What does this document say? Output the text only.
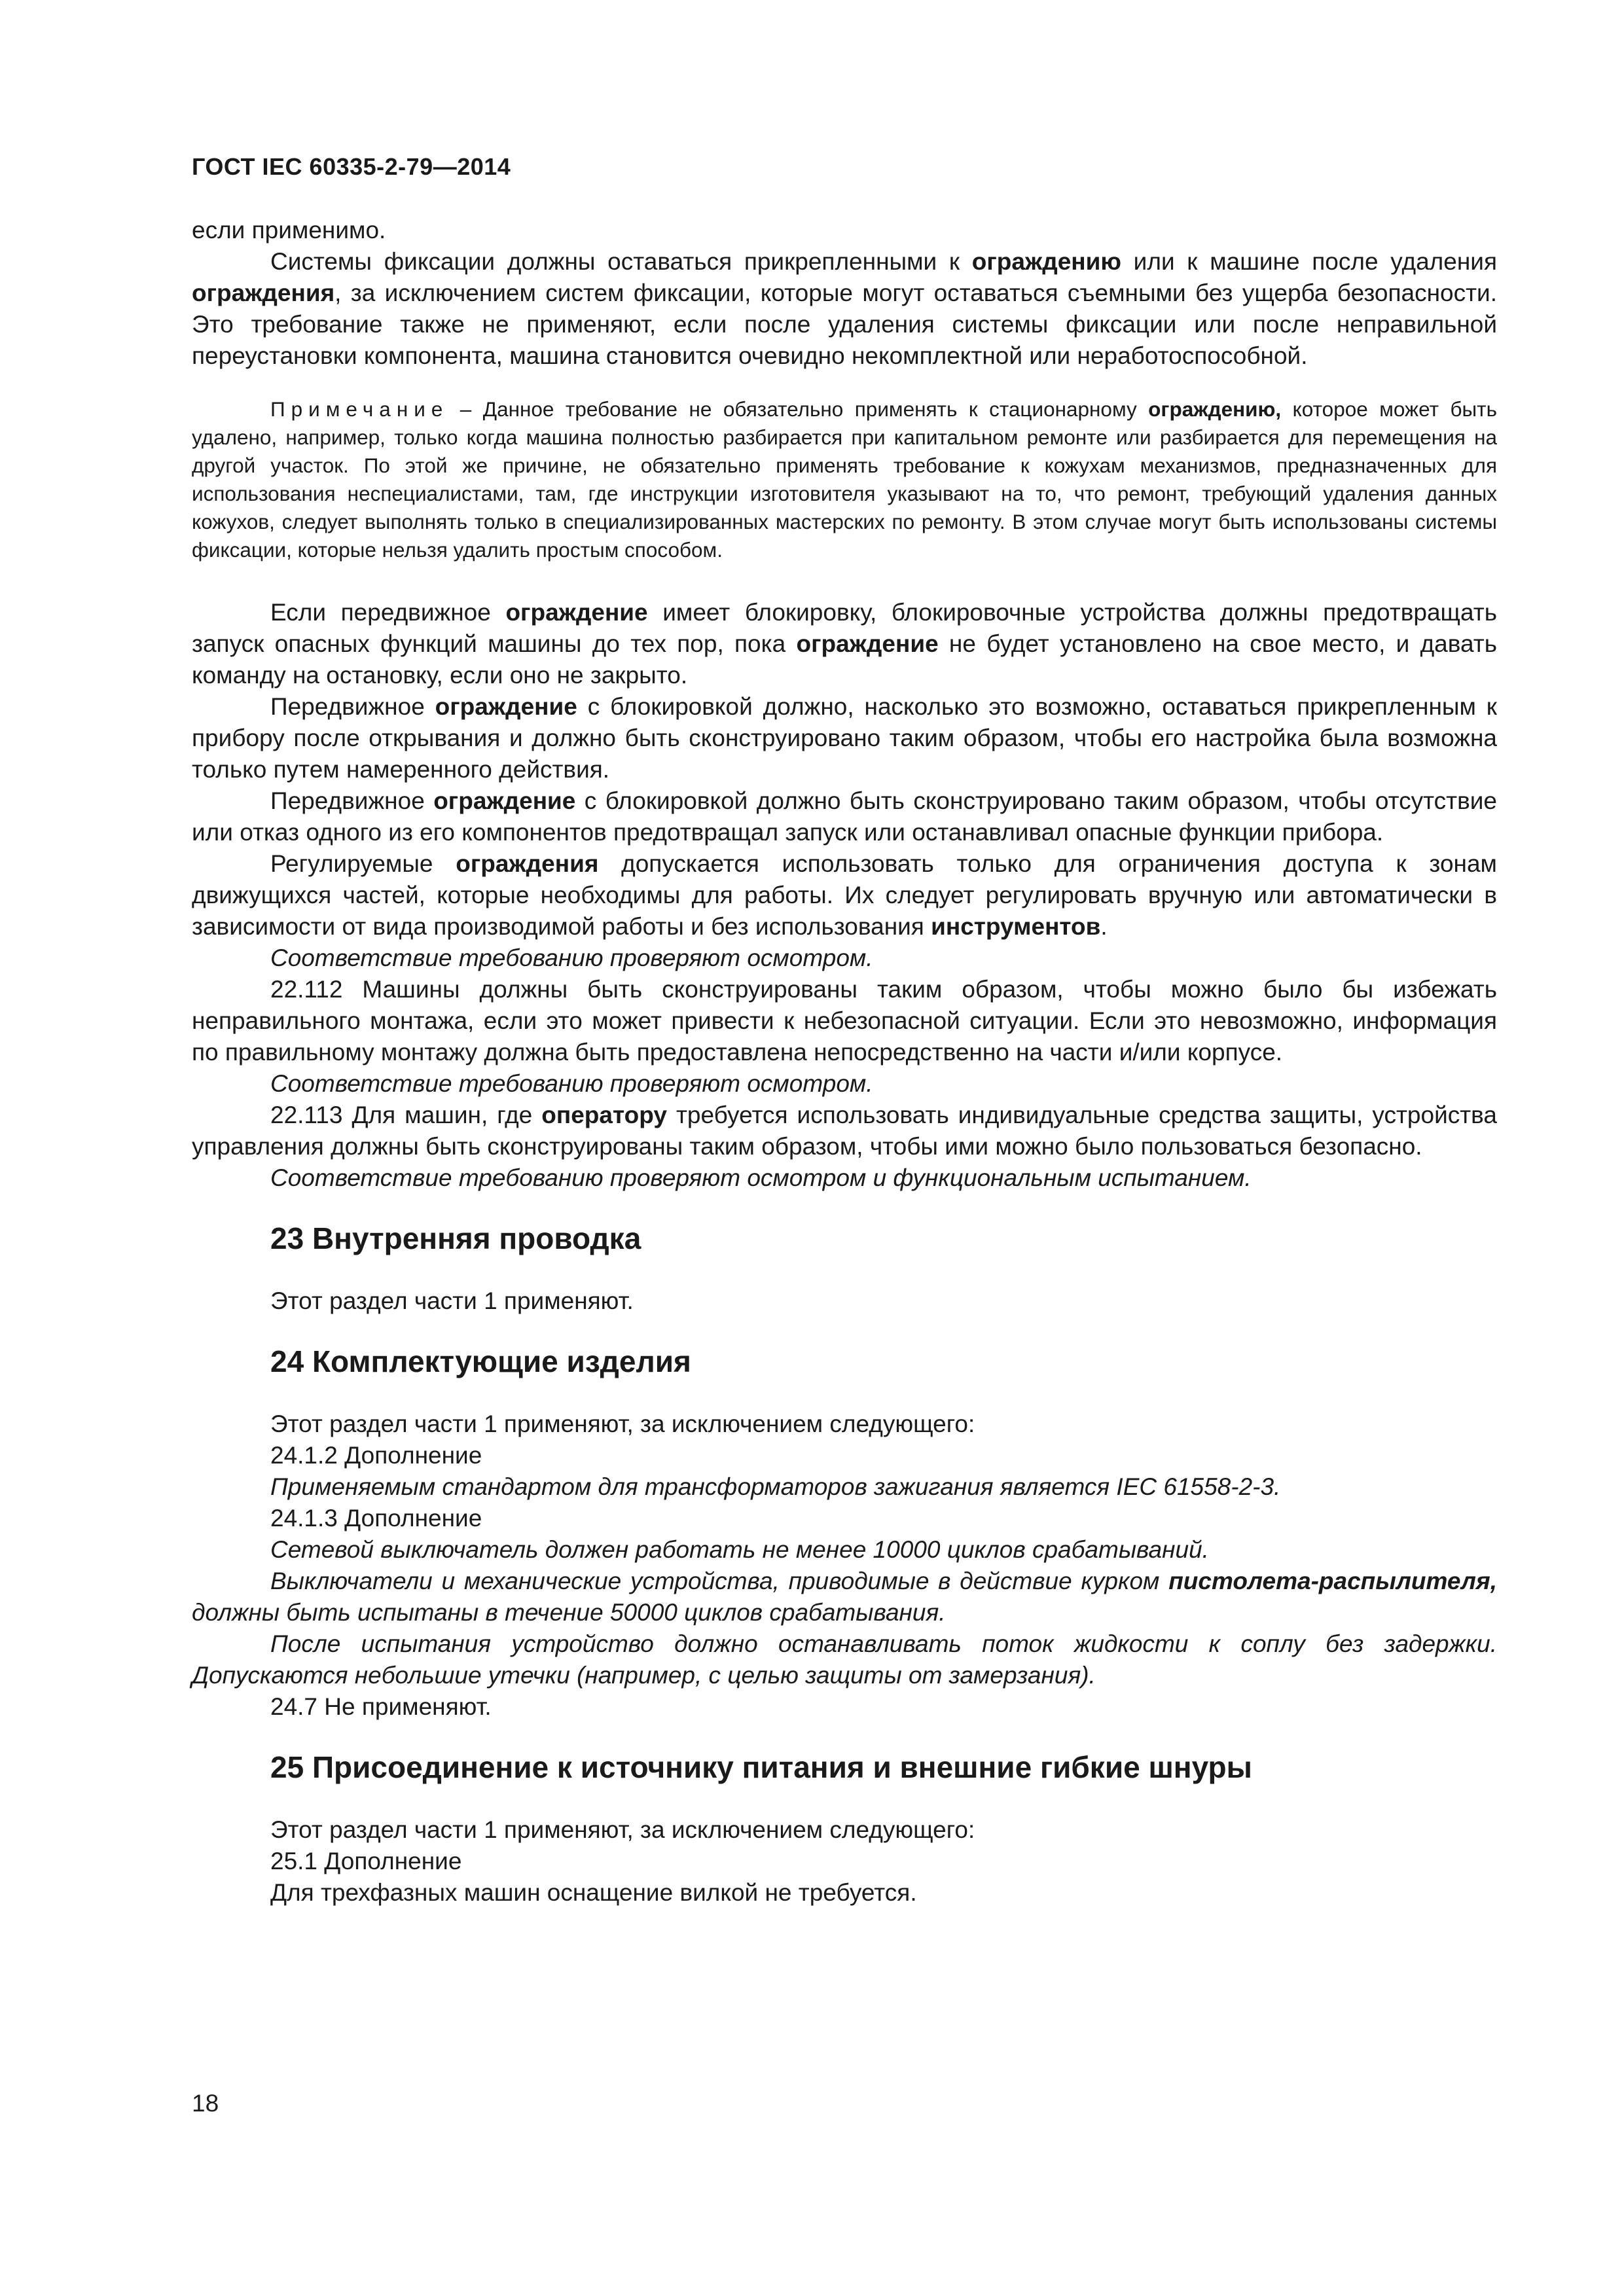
ГОСТ IEC 60335-2-79—2014

если применимо.

Системы фиксации должны оставаться прикрепленными к ограждению или к машине после удаления ограждения, за исключением систем фиксации, которые могут оставаться съемными без ущерба безопасности. Это требование также не применяют, если после удаления системы фиксации или после неправильной переустановки компонента, машина становится очевидно некомплектной или неработоспособной.

Примечание – Данное требование не обязательно применять к стационарному ограждению, которое может быть удалено, например, только когда машина полностью разбирается при капитальном ремонте или разбирается для перемещения на другой участок. По этой же причине, не обязательно применять требование к кожухам механизмов, предназначенных для использования неспециалистами, там, где инструкции изготовителя указывают на то, что ремонт, требующий удаления данных кожухов, следует выполнять только в специализированных мастерских по ремонту. В этом случае могут быть использованы системы фиксации, которые нельзя удалить простым способом.

Если передвижное ограждение имеет блокировку, блокировочные устройства должны предотвращать запуск опасных функций машины до тех пор, пока ограждение не будет установлено на свое место, и давать команду на остановку, если оно не закрыто.

Передвижное ограждение с блокировкой должно, насколько это возможно, оставаться прикрепленным к прибору после открывания и должно быть сконструировано таким образом, чтобы его настройка была возможна только путем намеренного действия.

Передвижное ограждение с блокировкой должно быть сконструировано таким образом, чтобы отсутствие или отказ одного из его компонентов предотвращал запуск или останавливал опасные функции прибора.

Регулируемые ограждения допускается использовать только для ограничения доступа к зонам движущихся частей, которые необходимы для работы. Их следует регулировать вручную или автоматически в зависимости от вида производимой работы и без использования инструментов.

Соответствие требованию проверяют осмотром.

22.112 Машины должны быть сконструированы таким образом, чтобы можно было бы избежать неправильного монтажа, если это может привести к небезопасной ситуации. Если это невозможно, информация по правильному монтажу должна быть предоставлена непосредственно на части и/или корпусе.

Соответствие требованию проверяют осмотром.

22.113 Для машин, где оператору требуется использовать индивидуальные средства защиты, устройства управления должны быть сконструированы таким образом, чтобы ими можно было пользоваться безопасно.

Соответствие требованию проверяют осмотром и функциональным испытанием.

23 Внутренняя проводка

Этот раздел части 1 применяют.

24 Комплектующие изделия

Этот раздел части 1 применяют, за исключением следующего:

24.1.2 Дополнение

Применяемым стандартом для трансформаторов зажигания является IEC 61558-2-3.

24.1.3 Дополнение

Сетевой выключатель должен работать не менее 10000 циклов срабатываний.

Выключатели и механические устройства, приводимые в действие курком пистолета-распылителя, должны быть испытаны в течение 50000 циклов срабатывания.

После испытания устройство должно останавливать поток жидкости к соплу без задержки. Допускаются небольшие утечки (например, с целью защиты от замерзания).

24.7 Не применяют.

25 Присоединение к источнику питания и внешние гибкие шнуры

Этот раздел части 1 применяют, за исключением следующего:

25.1 Дополнение

Для трехфазных машин оснащение вилкой не требуется.

18
